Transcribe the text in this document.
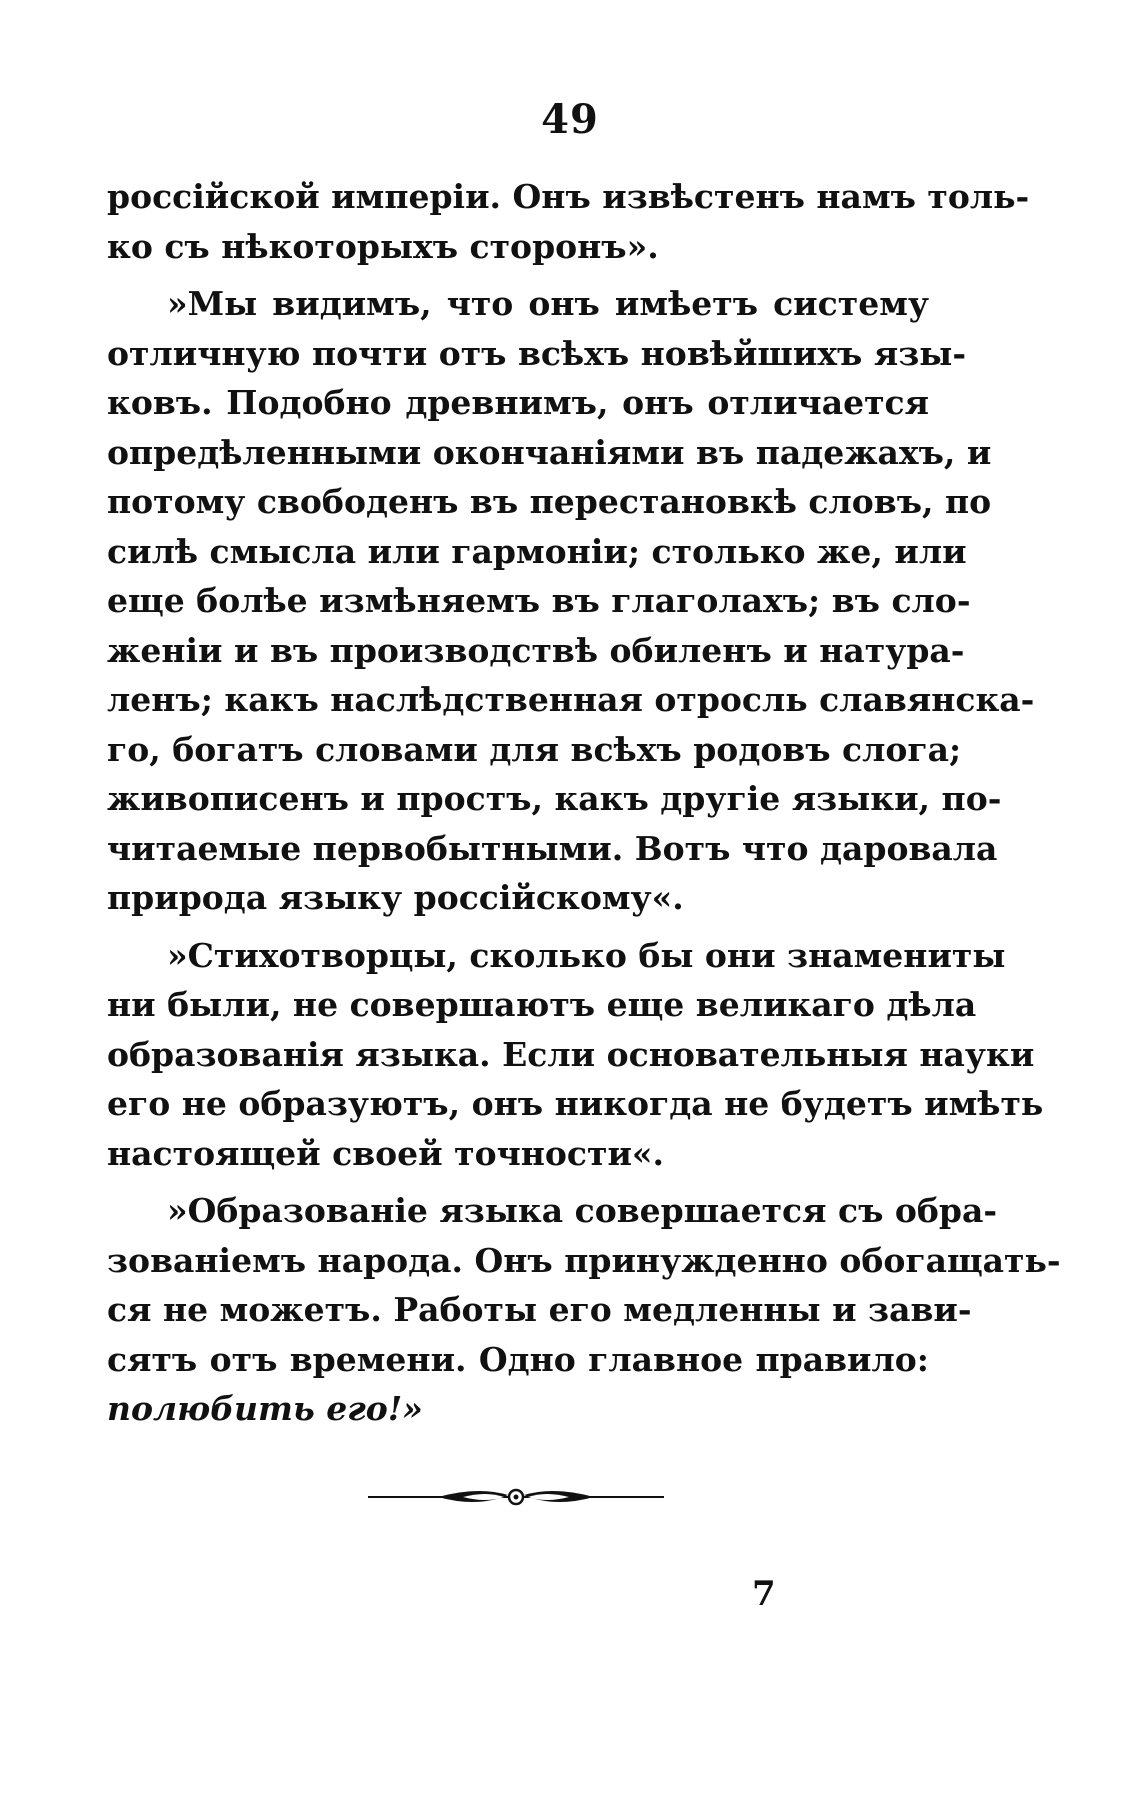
49
россійской имперіи. Онъ извѣстенъ намъ толь-
ко съ нѣкоторыхъ сторонъ».
»Мы видимъ, что онъ имѣетъ систему
отличную почти отъ всѣхъ новѣйшихъ язы-
ковъ. Подобно древнимъ, онъ отличается
опредѣленными окончаніями въ падежахъ, и
потому свободенъ въ перестановкѣ словъ, по
силѣ смысла или гармоніи; столько же, или
еще болѣе измѣняемъ въ глаголахъ; въ сло-
женіи и въ производствѣ обиленъ и натура-
ленъ; какъ наслѣдственная отросль славянска-
го, богатъ словами для всѣхъ родовъ слога;
живописенъ и простъ, какъ другіе языки, по-
читаемые первобытными. Вотъ что даровала
природа языку россійскому«.
»Стихотворцы, сколько бы они знамениты
ни были, не совершаютъ еще великаго дѣла
образованія языка. Если основательныя науки
его не образуютъ, онъ никогда не будетъ имѣть
настоящей своей точности«.
»Образованіе языка совершается съ обра-
зованіемъ народа. Онъ принужденно обогащать-
ся не можетъ. Работы его медленны и зави-
сятъ отъ времени. Одно главное правило:
полюбить его!»
7
